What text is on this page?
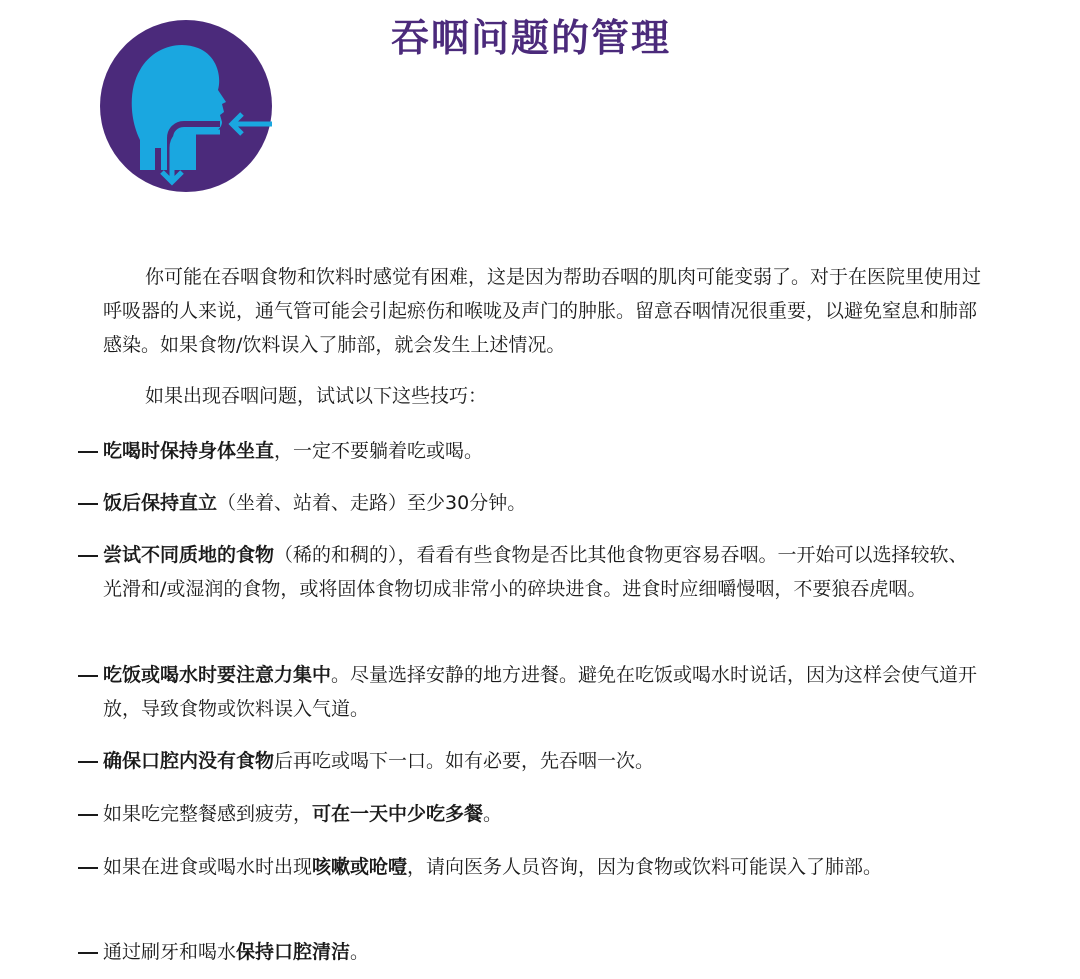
吞咽问题的管理

你可能在吞咽食物和饮料时感觉有困难，这是因为帮助吞咽的肌肉可能变弱了。对于在医院里使用过呼吸器的人来说，通气管可能会引起瘀伤和喉咙及声门的肿胀。留意吞咽情况很重要，以避免窒息和肺部感染。如果食物/饮料误入了肺部，就会发生上述情况。

如果出现吞咽问题，试试以下这些技巧：

吃喝时保持身体坐直，一定不要躺着吃或喝。
饭后保持直立（坐着、站着、走路）至少30分钟。
尝试不同质地的食物（稀的和稠的），看看有些食物是否比其他食物更容易吞咽。一开始可以选择较软、光滑和/或湿润的食物，或将固体食物切成非常小的碎块进食。进食时应细嚼慢咽，不要狼吞虎咽。
吃饭或喝水时要注意力集中。尽量选择安静的地方进餐。避免在吃饭或喝水时说话，因为这样会使气道开放，导致食物或饮料误入气道。
确保口腔内没有食物后再吃或喝下一口。如有必要，先吞咽一次。
如果吃完整餐感到疲劳，可在一天中少吃多餐。
如果在进食或喝水时出现咳嗽或呛噎，请向医务人员咨询，因为食物或饮料可能误入了肺部。
通过刷牙和喝水保持口腔清洁。
